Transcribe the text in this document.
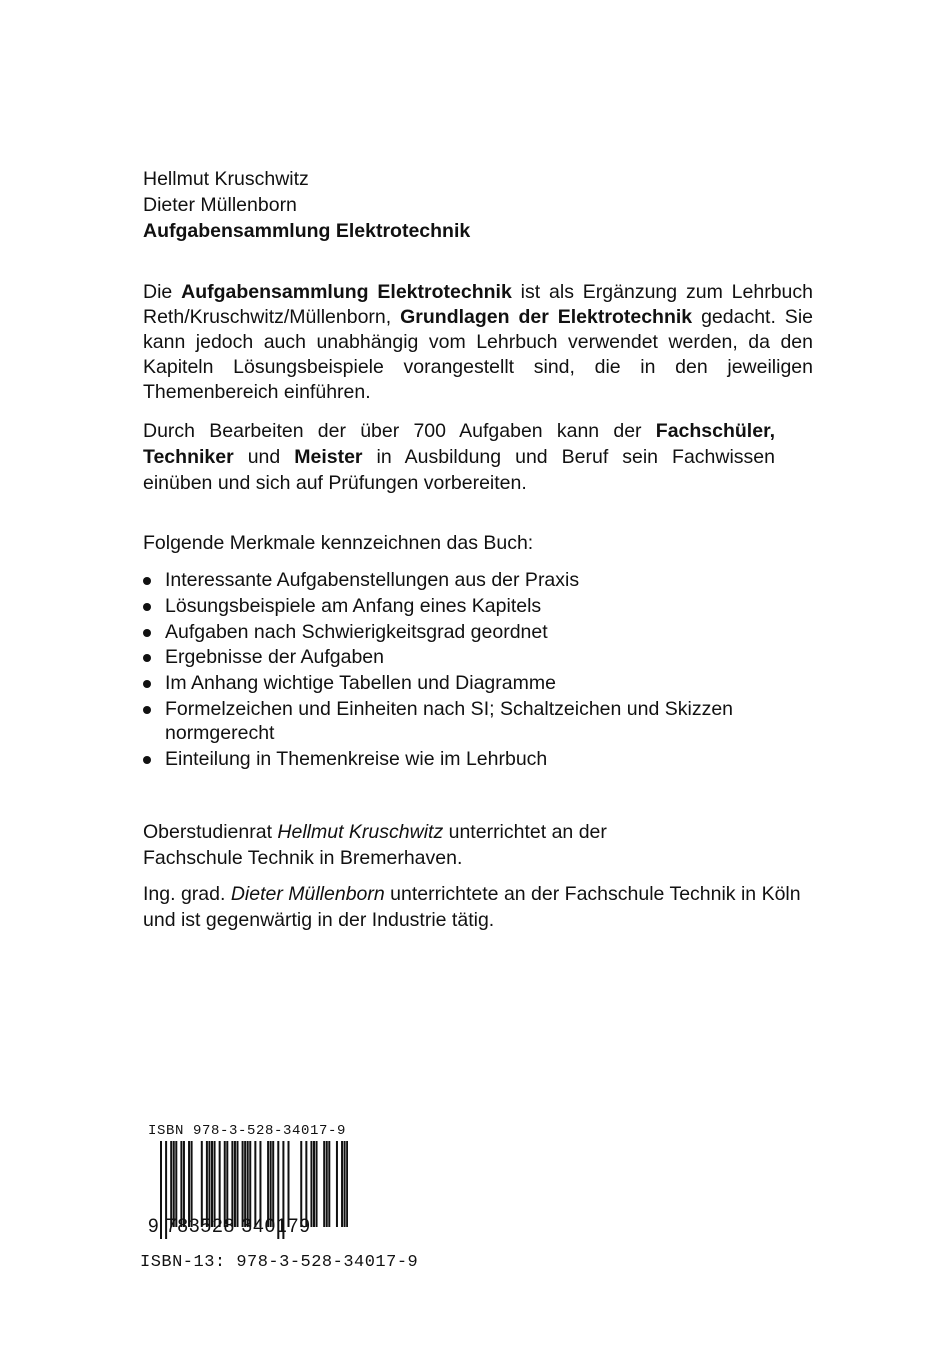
Hellmut Kruschwitz

Dieter Müllenborn

Aufgabensammlung Elektrotechnik

Die Aufgabensammlung Elektrotechnik ist als Ergänzung zum Lehrbuch Reth/Kruschwitz/Müllenborn, Grundlagen der Elektrotechnik gedacht. Sie kann jedoch auch unabhängig vom Lehrbuch verwendet werden, da den Kapiteln Lösungsbeispiele vorangestellt sind, die in den jeweiligen Themenbereich einführen.

Durch Bearbeiten der über 700 Aufgaben kann der Fachschüler, Techniker und Meister in Ausbildung und Beruf sein Fachwissen einüben und sich auf Prüfungen vorbereiten.

Folgende Merkmale kennzeichnen das Buch:

Interessante Aufgabenstellungen aus der Praxis
Lösungsbeispiele am Anfang eines Kapitels
Aufgaben nach Schwierigkeitsgrad geordnet
Ergebnisse der Aufgaben
Im Anhang wichtige Tabellen und Diagramme
Formelzeichen und Einheiten nach SI; Schaltzeichen und Skizzen normgerecht
Einteilung in Themenkreise wie im Lehrbuch

Oberstudienrat Hellmut Kruschwitz unterrichtet an der Fachschule Technik in Bremerhaven.

Ing. grad. Dieter Müllenborn unterrichtete an der Fachschule Technik in Köln und ist gegenwärtig in der Industrie tätig.

ISBN 978-3-528-34017-9
9 783528 340179
ISBN-13: 978-3-528-34017-9
